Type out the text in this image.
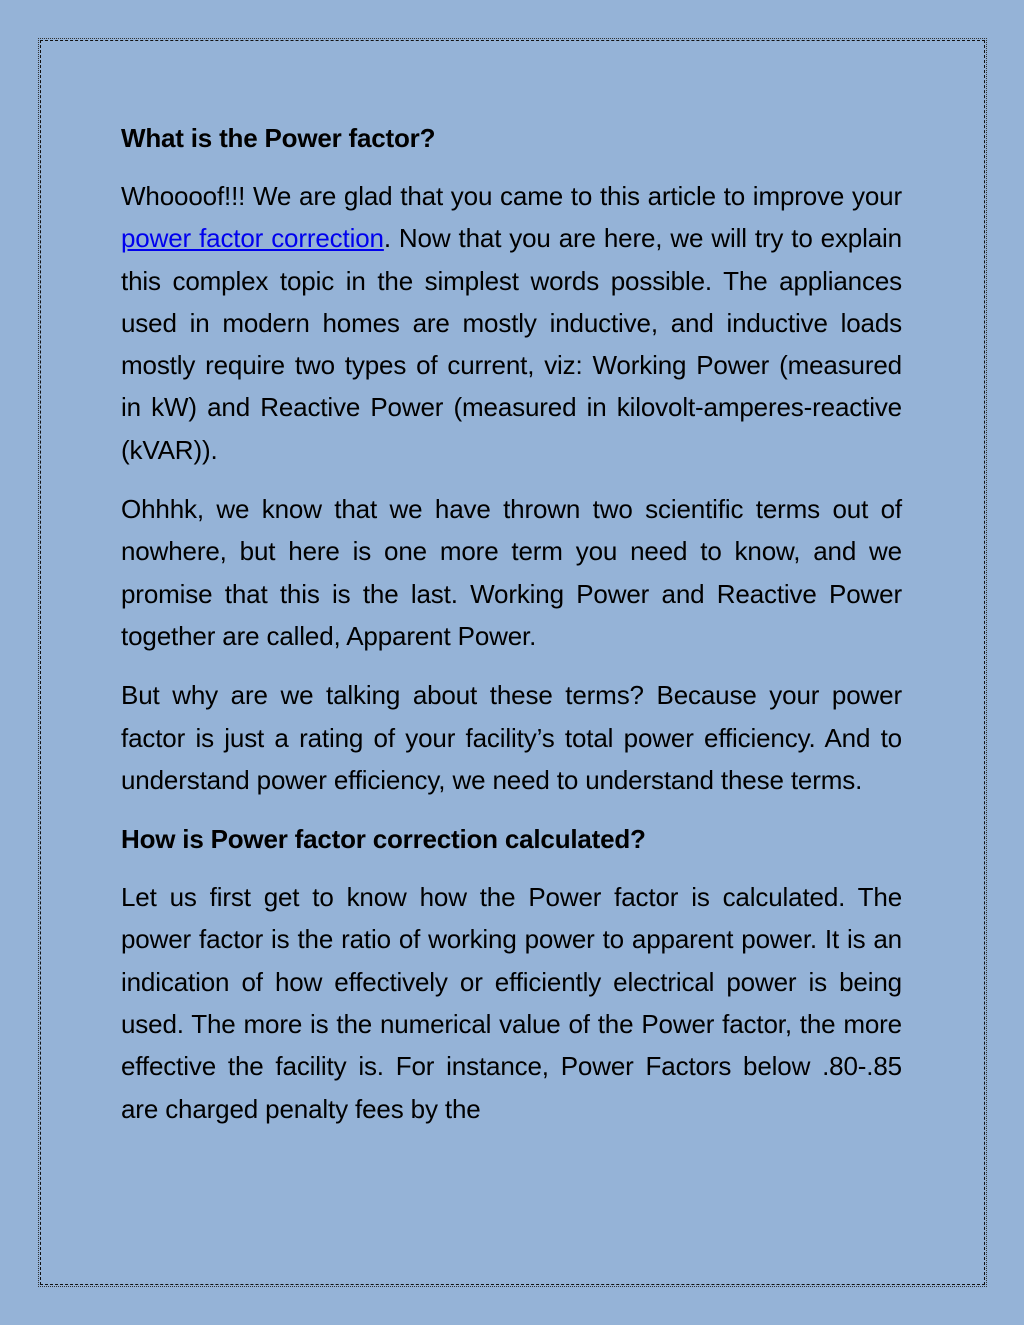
What is the Power factor?

Whoooof!!! We are glad that you came to this article to improve your power factor correction. Now that you are here, we will try to explain this complex topic in the simplest words possible. The appliances used in modern homes are mostly inductive, and inductive loads mostly require two types of current, viz: Working Power (measured in kW) and Reactive Power (measured in kilovolt-amperes-reactive (kVAR)).

Ohhhk, we know that we have thrown two scientific terms out of nowhere, but here is one more term you need to know, and we promise that this is the last. Working Power and Reactive Power together are called, Apparent Power.

But why are we talking about these terms? Because your power factor is just a rating of your facility’s total power efficiency. And to understand power efficiency, we need to understand these terms.

How is Power factor correction calculated?

Let us first get to know how the Power factor is calculated. The power factor is the ratio of working power to apparent power. It is an indication of how effectively or efficiently electrical power is being used. The more is the numerical value of the Power factor, the more effective the facility is. For instance, Power Factors below .80-.85 are charged penalty fees by the
